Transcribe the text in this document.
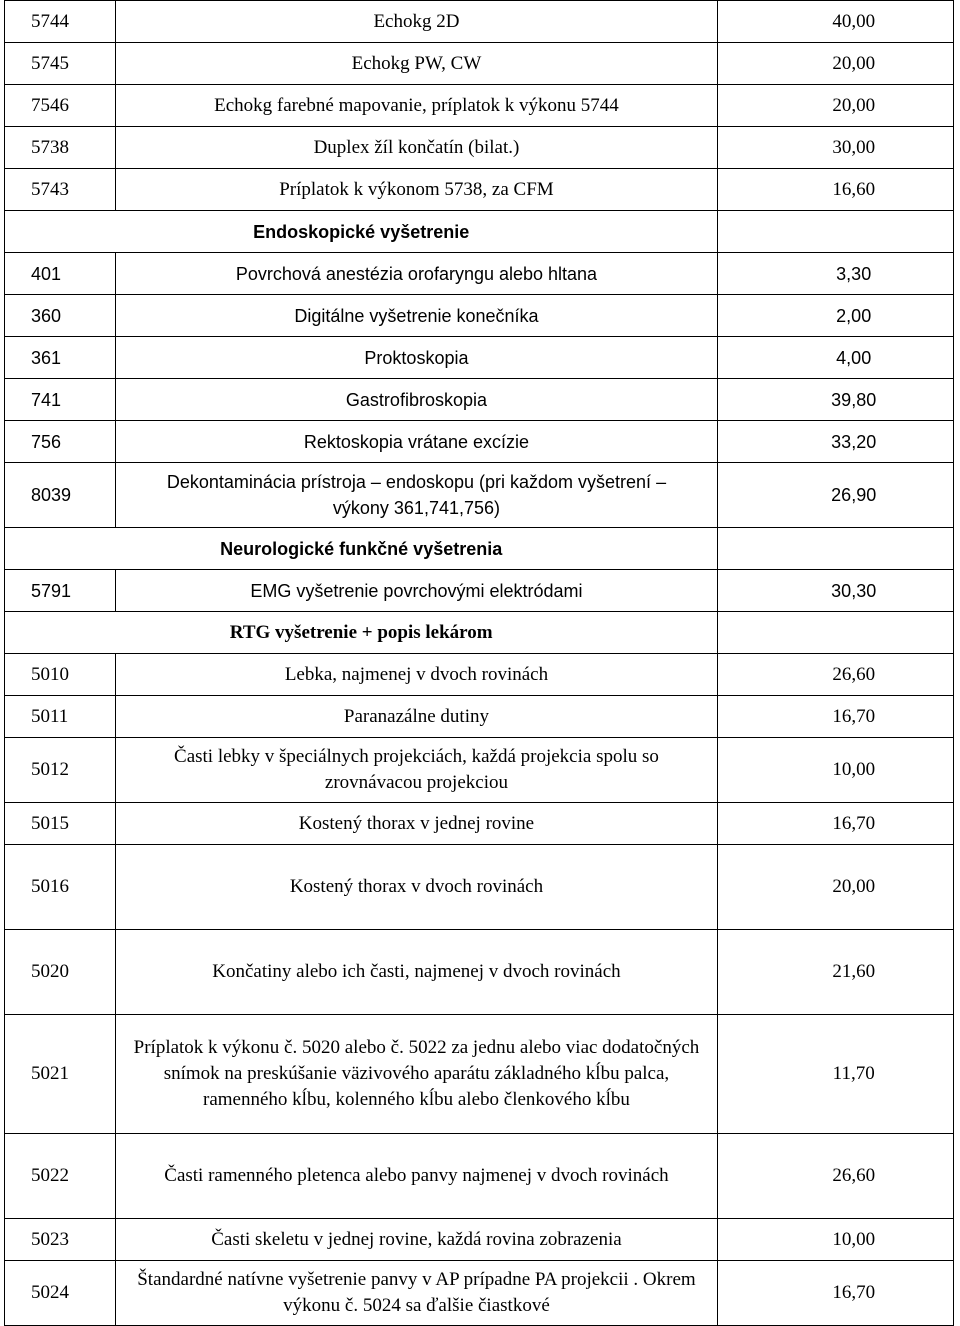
5744	Echokg 2D	40,00
5745	Echokg PW, CW	20,00
7546	Echokg farebné mapovanie, príplatok k výkonu 5744	20,00
5738	Duplex žíl končatín (bilat.)	30,00
5743	Príplatok k výkonom 5738, za CFM	16,60
Endoskopické vyšetrenie		
401	Povrchová anestézia orofaryngu alebo hltana	3,30
360	Digitálne vyšetrenie konečníka	2,00
361	Proktoskopia	4,00
741	Gastrofibroskopia	39,80
756	Rektoskopia vrátane excízie	33,20
8039	Dekontaminácia prístroja – endoskopu (pri každom vyšetrení – výkony 361,741,756)	26,90
Neurologické funkčné vyšetrenia		
5791	EMG vyšetrenie povrchovými elektródami	30,30
RTG vyšetrenie + popis lekárom		
5010	Lebka, najmenej v dvoch rovinách	26,60
5011	Paranazálne dutiny	16,70
5012	Časti lebky v špeciálnych projekciách, každá projekcia spolu so zrovnávacou projekciou	10,00
5015	Kostený thorax v jednej rovine	16,70
5016	Kostený thorax v dvoch rovinách	20,00
5020	Končatiny alebo ich časti, najmenej v dvoch rovinách	21,60
5021	Príplatok k výkonu č. 5020 alebo č. 5022 za jednu alebo viac dodatočných snímok na preskúšanie väzivového aparátu základného kĺbu palca, ramenného kĺbu, kolenného kĺbu alebo členkového kĺbu	11,70
5022	Časti ramenného pletenca alebo panvy najmenej v dvoch rovinách	26,60
5023	Časti skeletu v jednej rovine, každá rovina zobrazenia	10,00
5024	Štandardné natívne vyšetrenie panvy v AP prípadne PA projekcii . Okrem výkonu č. 5024 sa ďalšie čiastkové	16,70
